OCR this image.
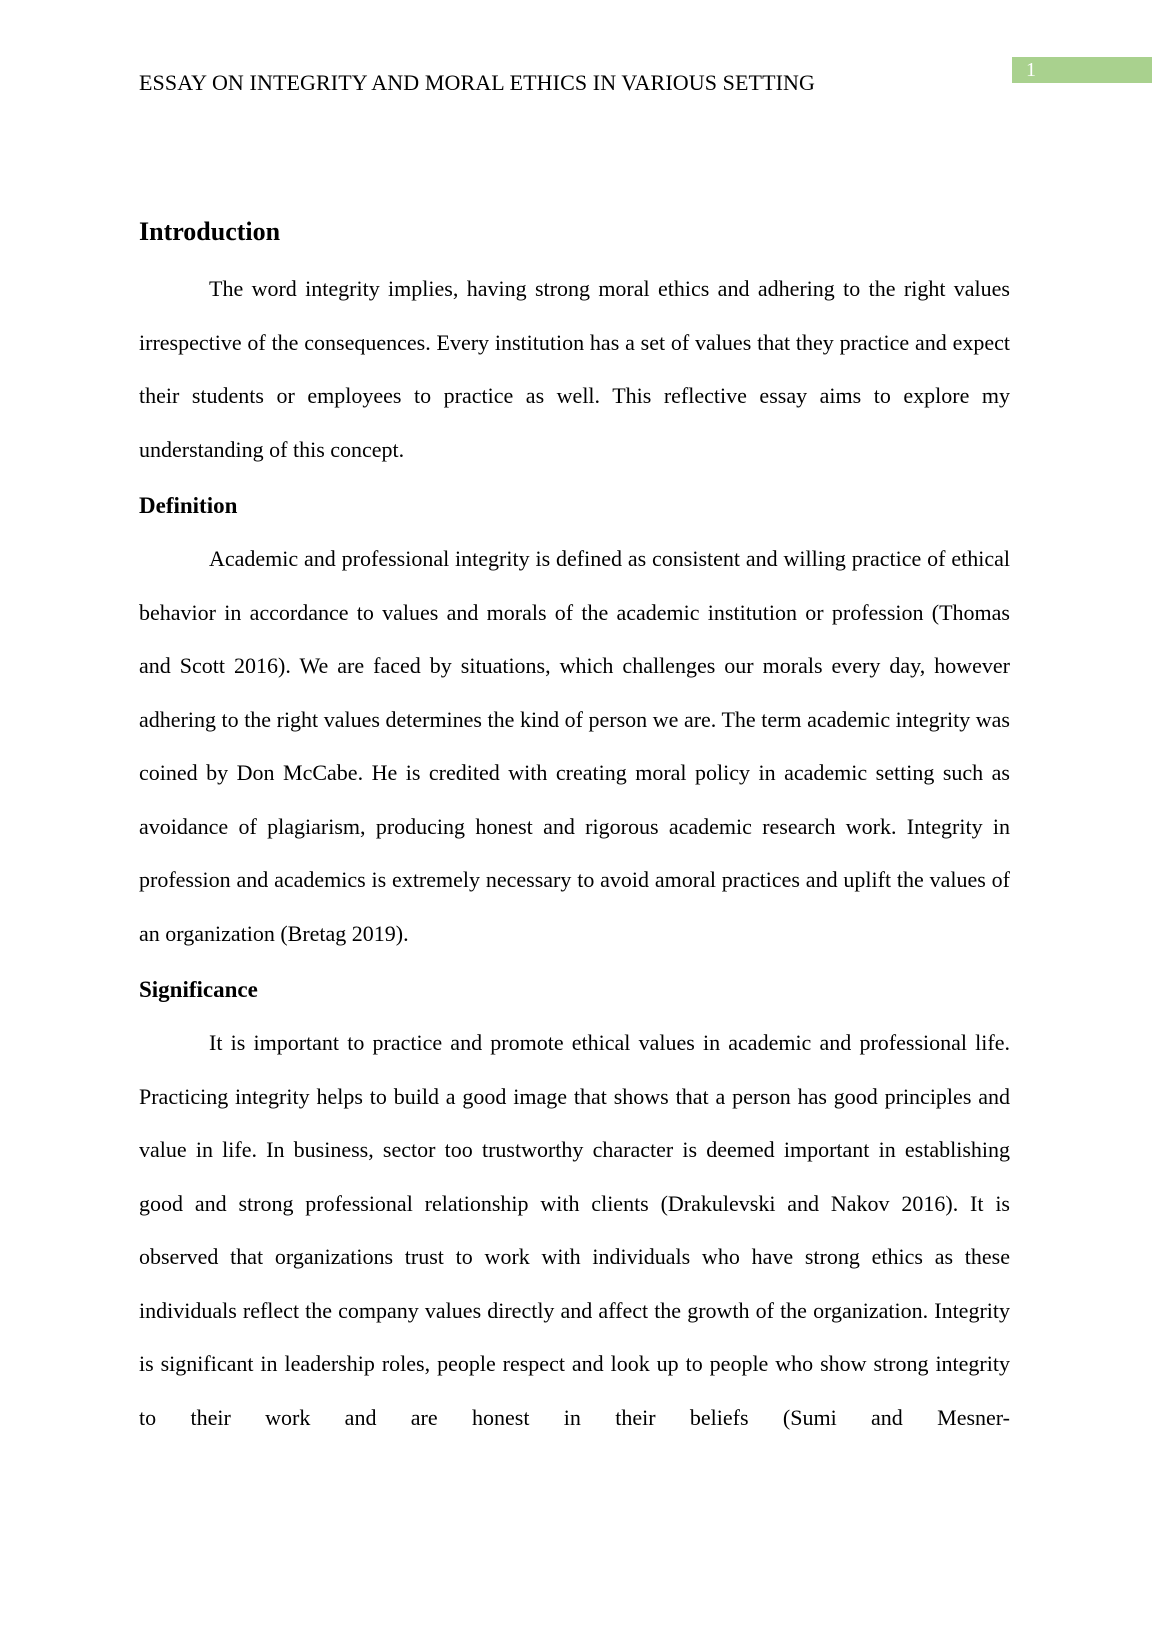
1
ESSAY ON INTEGRITY AND MORAL ETHICS IN VARIOUS SETTING
Introduction

The word integrity implies, having strong moral ethics and adhering to the right values irrespective of the consequences. Every institution has a set of values that they practice and expect their students or employees to practice as well. This reflective essay aims to explore my understanding of this concept.

Definition

Academic and professional integrity is defined as consistent and willing practice of ethical behavior in accordance to values and morals of the academic institution or profession (Thomas and Scott 2016). We are faced by situations, which challenges our morals every day, however adhering to the right values determines the kind of person we are. The term academic integrity was coined by Don McCabe. He is credited with creating moral policy in academic setting such as avoidance of plagiarism, producing honest and rigorous academic research work. Integrity in profession and academics is extremely necessary to avoid amoral practices and uplift the values of an organization (Bretag 2019).

Significance

It is important to practice and promote ethical values in academic and professional life. Practicing integrity helps to build a good image that shows that a person has good principles and value in life. In business, sector too trustworthy character is deemed important in establishing good and strong professional relationship with clients (Drakulevski and Nakov 2016). It is observed that organizations trust to work with individuals who have strong ethics as these individuals reflect the company values directly and affect the growth of the organization. Integrity is significant in leadership roles, people respect and look up to people who show strong integrity to their work and are honest in their beliefs (Sumi and Mesner-
